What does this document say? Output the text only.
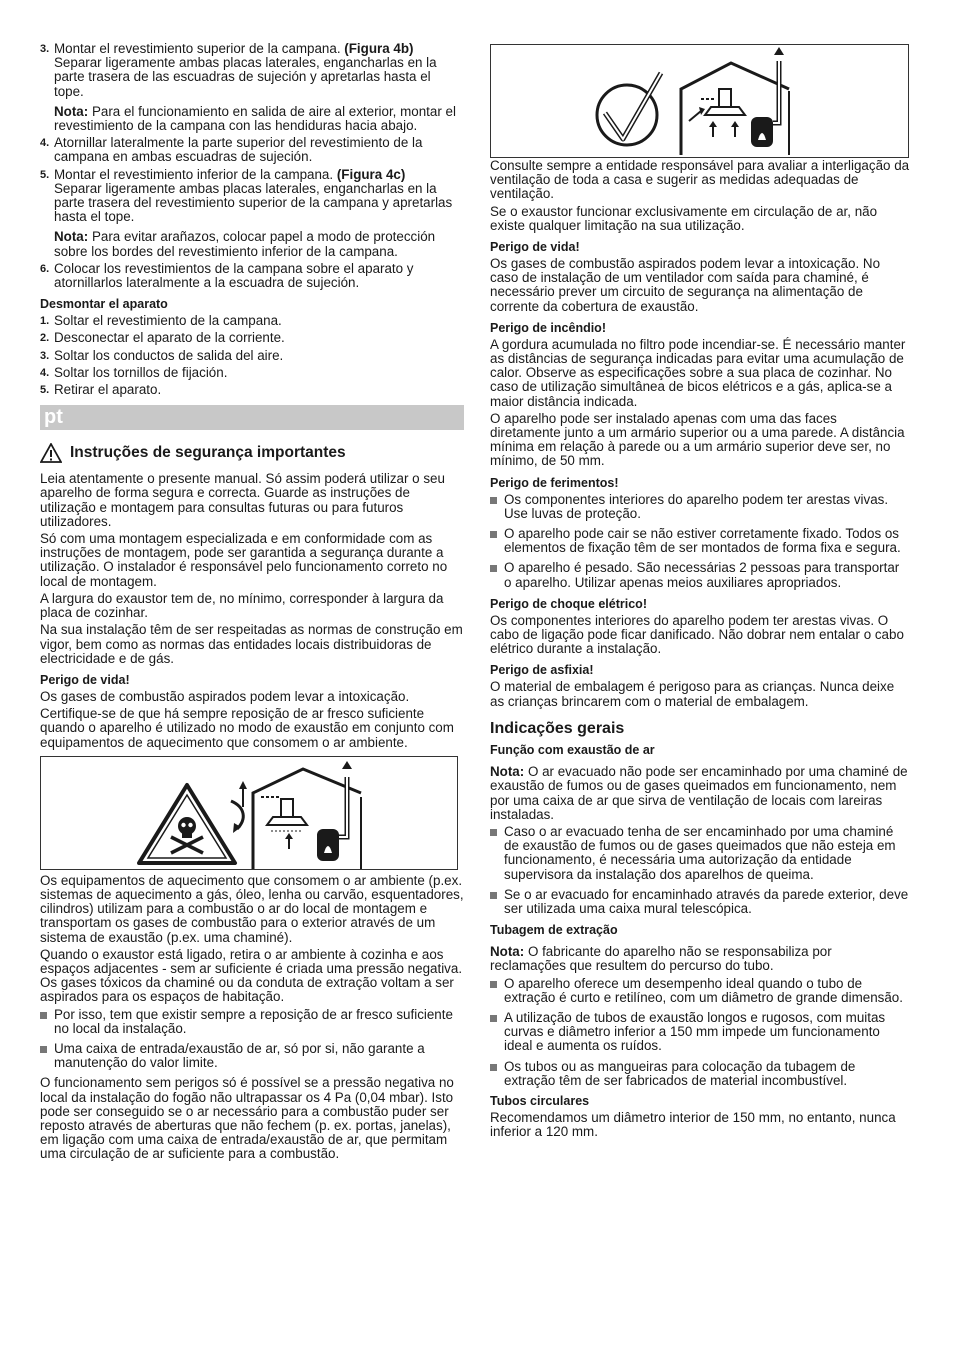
3. Montar el revestimiento superior de la campana. (Figura 4b)
Separar ligeramente ambas placas laterales, engancharlas en la parte trasera de las escuadras de sujeción y apretarlas hasta el tope.

Nota: Para el funcionamiento en salida de aire al exterior, montar el revestimiento de la campana con las hendiduras hacia abajo.

4. Atornillar lateralmente la parte superior del revestimiento de la campana en ambas escuadras de sujeción.
5. Montar el revestimiento inferior de la campana. (Figura 4c)
Separar ligeramente ambas placas laterales, engancharlas en la parte trasera del revestimiento superior de la campana y apretarlas hasta el tope.

Nota: Para evitar arañazos, colocar papel a modo de protección sobre los bordes del revestimiento inferior de la campana.

6. Colocar los revestimientos de la campana sobre el aparato y atornillarlos lateralmente a la escuadra de sujeción.
Desmontar el aparato
1. Soltar el revestimiento de la campana.
2. Desconectar el aparato de la corriente.
3. Soltar los conductos de salida del aire.
4. Soltar los tornillos de fijación.
5. Retirar el aparato.
pt
Instruções de segurança importantes

Leia atentamente o presente manual. Só assim poderá utilizar o seu aparelho de forma segura e correcta. Guarde as instruções de utilização e montagem para consultas futuras ou para futuros utilizadores.

Só com uma montagem especializada e em conformidade com as instruções de montagem, pode ser garantida a segurança durante a utilização. O instalador é responsável pelo funcionamento correto no local de montagem.

A largura do exaustor tem de, no mínimo, corresponder à largura da placa de cozinhar.

Na sua instalação têm de ser respeitadas as normas de construção em vigor, bem como as normas das entidades locais distribuidoras de electricidade e de gás.

Perigo de vida!

Os gases de combustão aspirados podem levar a intoxicação.

Certifique-se de que há sempre reposição de ar fresco suficiente quando o aparelho é utilizado no modo de exaustão em conjunto com equipamentos de aquecimento que consomem o ar ambiente.

Os equipamentos de aquecimento que consomem o ar ambiente (p.ex. sistemas de aquecimento a gás, óleo, lenha ou carvão, esquentadores, cilindros) utilizam para a combustão o ar do local de montagem e transportam os gases de combustão para o exterior através de um sistema de exaustão (p.ex. uma chaminé).

Quando o exaustor está ligado, retira o ar ambiente à cozinha e aos espaços adjacentes - sem ar suficiente é criada uma pressão negativa. Os gases tóxicos da chaminé ou da conduta de extração voltam a ser aspirados para os espaços de habitação.

Por isso, tem que existir sempre a reposição de ar fresco suficiente no local da instalação.
Uma caixa de entrada/exaustão de ar, só por si, não garante a manutenção do valor limite.

O funcionamento sem perigos só é possível se a pressão negativa no local da instalação do fogão não ultrapassar os 4 Pa (0,04 mbar). Isto pode ser conseguido se o ar necessário para a combustão puder ser reposto através de aberturas que não fechem (p. ex. portas, janelas), em ligação com uma caixa de entrada/exaustão de ar, que permitam uma circulação de ar suficiente para a combustão.

Consulte sempre a entidade responsável para avaliar a interligação da ventilação de toda a casa e sugerir as medidas adequadas de ventilação.

Se o exaustor funcionar exclusivamente em circulação de ar, não existe qualquer limitação na sua utilização.

Perigo de vida!

Os gases de combustão aspirados podem levar a intoxicação. No caso de instalação de um ventilador com saída para chaminé, é necessário prever um circuito de segurança na alimentação de corrente da cobertura de exaustão.

Perigo de incêndio!

A gordura acumulada no filtro pode incendiar-se. É necessário manter as distâncias de segurança indicadas para evitar uma acumulação de calor. Observe as especificações sobre a sua placa de cozinhar. No caso de utilização simultânea de bicos elétricos e a gás, aplica-se a maior distância indicada.

O aparelho pode ser instalado apenas com uma das faces diretamente junto a um armário superior ou a uma parede. A distância mínima em relação à parede ou a um armário superior deve ser, no mínimo, de 50 mm.

Perigo de ferimentos!
Os componentes interiores do aparelho podem ter arestas vivas. Use luvas de proteção.
O aparelho pode cair se não estiver corretamente fixado. Todos os elementos de fixação têm de ser montados de forma fixa e segura.
O aparelho é pesado. São necessárias 2 pessoas para transportar o aparelho. Utilizar apenas meios auxiliares apropriados.
Perigo de choque elétrico!

Os componentes interiores do aparelho podem ter arestas vivas. O cabo de ligação pode ficar danificado. Não dobrar nem entalar o cabo elétrico durante a instalação.

Perigo de asfixia!

O material de embalagem é perigoso para as crianças. Nunca deixe as crianças brincarem com o material de embalagem.

Indicações gerais
Função com exaustão de ar

Nota: O ar evacuado não pode ser encaminhado por uma chaminé de exaustão de fumos ou de gases queimados em funcionamento, nem por uma caixa de ar que sirva de ventilação de locais com lareiras instaladas.

Caso o ar evacuado tenha de ser encaminhado por uma chaminé de exaustão de fumos ou de gases queimados que não esteja em funcionamento, é necessária uma autorização da entidade supervisora da instalação dos aparelhos de queima.
Se o ar evacuado for encaminhado através da parede exterior, deve ser utilizada uma caixa mural telescópica.
Tubagem de extração

Nota: O fabricante do aparelho não se responsabiliza por reclamações que resultem do percurso do tubo.

O aparelho oferece um desempenho ideal quando o tubo de extração é curto e retilíneo, com um diâmetro de grande dimensão.
A utilização de tubos de exaustão longos e rugosos, com muitas curvas e diâmetro inferior a 150 mm impede um funcionamento ideal e aumenta os ruídos.
Os tubos ou as mangueiras para colocação da tubagem de extração têm de ser fabricados de material incombustível.
Tubos circulares

Recomendamos um diâmetro interior de 150 mm, no entanto, nunca inferior a 120 mm.
